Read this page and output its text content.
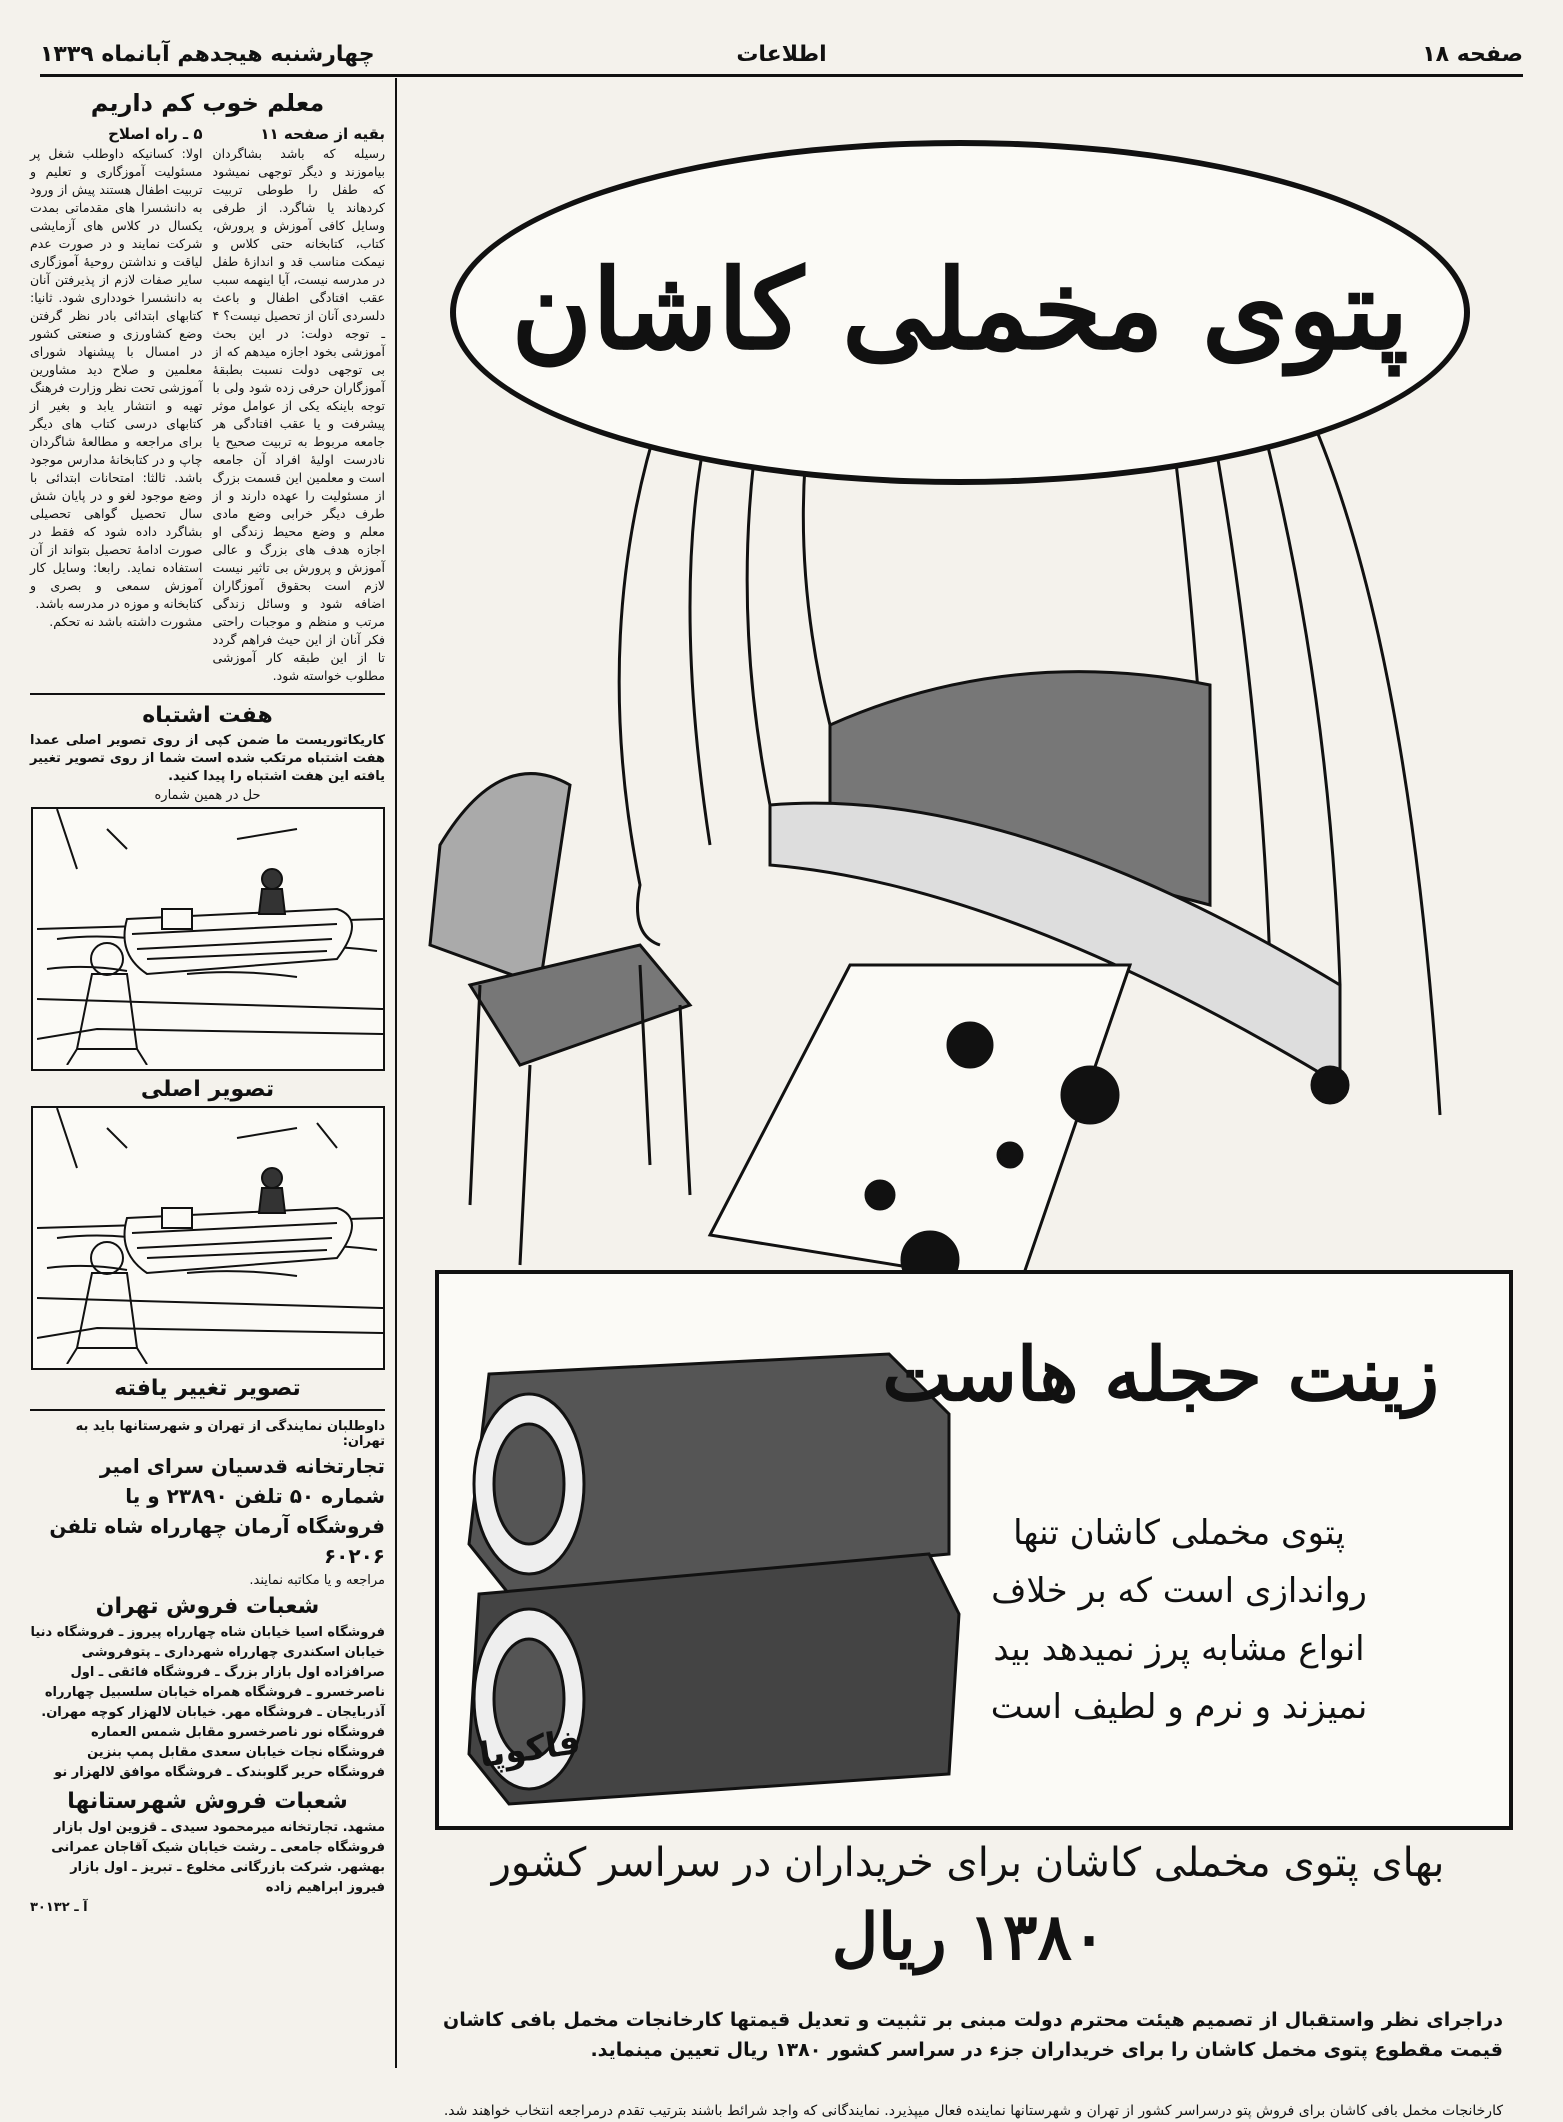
صفحه ۱۸
اطلاعات
چهارشنبه هیجدهم آبانماه ۱۳۳۹
معلم خوب کم داریم
بقیه از صفحه ۱۱
رسیله که باشد بشاگردان بیاموزند و دیگر توجهی نمیشود که طفل را طوطی تربیت کردهاند یا شاگرد. از طرفی وسایل کافی آموزش و پرورش، کتاب، کتابخانه حتی کلاس و نیمکت مناسب قد و اندازهٔ طفل در مدرسه نیست، آیا اینهمه سبب عقب افتادگی اطفال و باعث دلسردی آنان از تحصیل نیست؟ ۴ ـ توجه دولت: در این بحث آموزشی بخود اجازه میدهم که از بی توجهی دولت نسبت بطبقهٔ آموزگاران حرفی زده شود ولی با توجه باینکه یکی از عوامل موثر پیشرفت و یا عقب افتادگی هر جامعه مربوط به تربیت صحیح یا نادرست اولیهٔ افراد آن جامعه است و معلمین این قسمت بزرگ از مسئولیت را عهده دارند و از طرف دیگر خرابی وضع مادی معلم و وضع محیط زندگی او اجازه هدف های بزرگ و عالی آموزش و پرورش بی تاثیر نیست لازم است بحقوق آموزگاران اضافه شود و وسائل زندگی مرتب و منظم و موجبات راحتی فکر آنان از این حیث فراهم گردد تا از این طبقه کار آموزشی مطلوب خواسته شود.
۵ ـ راه اصلاح
اولا: کسانیکه داوطلب شغل پر مسئولیت آموزگاری و تعلیم و تربیت اطفال هستند پیش از ورود به دانشسرا های مقدماتی بمدت یکسال در کلاس های آزمایشی شرکت نمایند و در صورت عدم لیاقت و نداشتن روحیهٔ آموزگاری سایر صفات لازم از پذیرفتن آنان به دانشسرا خودداری شود. ثانیا: کتابهای ابتدائی بادر نظر گرفتن وضع کشاورزی و صنعتی کشور در امسال با پیشنهاد شورای معلمین و صلاح دید مشاورین آموزشی تحت نظر وزارت فرهنگ تهیه و انتشار یابد و بغیر از کتابهای درسی کتاب های دیگر برای مراجعه و مطالعهٔ شاگردان چاپ و در کتابخانهٔ مدارس موجود باشد. ثالثا: امتحانات ابتدائی با وضع موجود لغو و در پایان شش سال تحصیل گواهی تحصیلی بشاگرد داده شود که فقط در صورت ادامهٔ تحصیل بتواند از آن استفاده نماید. رابعا: وسایل کار آموزش سمعی و بصری و کتابخانه و موزه در مدرسه باشد.
مشورت داشته باشد نه تحکم.
هفت اشتباه
کاریکاتوریست ما ضمن کپی از روی تصویر اصلی عمدا هفت اشتباه مرتکب شده است شما از روی تصویر تغییر یافته این هفت اشتباه را پیدا کنید.
حل در همین شماره
تصویر اصلی
تصویر تغییر یافته
داوطلبان نمایندگی از تهران و شهرستانها باید به تهران:
تجارتخانه قدسیان سرای امیر شماره ۵۰ تلفن ۲۳۸۹۰ و یا فروشگاه آرمان چهارراه شاه تلفن ۶۰۲۰۶
مراجعه و یا مکاتبه نمایند.
شعبات فروش تهران
فروشگاه اسیا خیابان شاه چهارراه پیروز ـ فروشگاه دنیا خیابان اسکندری چهارراه شهرداری ـ پتوفروشی صرافزاده اول بازار بزرگ ـ فروشگاه فائقی ـ اول ناصرخسرو ـ فروشگاه همراه خیابان سلسبیل چهارراه آذربایجان ـ فروشگاه مهر. خیابان لالهزار کوچه مهران. فروشگاه نور ناصرخسرو مقابل شمس العماره فروشگاه نجات خیابان سعدی مقابل پمپ بنزین فروشگاه حریر گلوبندک ـ فروشگاه موافق لالهزار نو
شعبات فروش شهرستانها
مشهد. تجارتخانه میرمحمود سیدی ـ قزوین اول بازار فروشگاه جامعی ـ رشت خیابان شیک آقاجان عمرانی بهشهر. شرکت بازرگانی مخلوع ـ تبریز ـ اول بازار فیروز ابراهیم زاده
آ ـ ۳۰۱۳۲
پتوی مخملی کاشان
زینت حجله هاست
پتوی مخملی کاشان تنها
رواندازی است که بر خلاف
انواع مشابه پرز نمیدهد بید
نمیزند و نرم و لطیف است
فاکوپا
بهای پتوی مخملی کاشان برای خریداران در سراسر کشور
۱۳۸۰ ریال
دراجرای نظر واستقبال از تصمیم هیئت محترم دولت مبنی بر تثبیت و تعدیل قیمتها کارخانجات مخمل بافی کاشان قیمت مقطوع پتوی مخمل کاشان را برای خریداران جزء در سراسر کشور ۱۳۸۰ ریال تعیین مینماید.
کارخانجات مخمل بافی کاشان برای فروش پتو درسراسر کشور از تهران و شهرستانها نماینده فعال میپذیرد. نمایندگانی که واجد شرائط باشند بترتیب تقدم درمراجعه انتخاب خواهند شد.
